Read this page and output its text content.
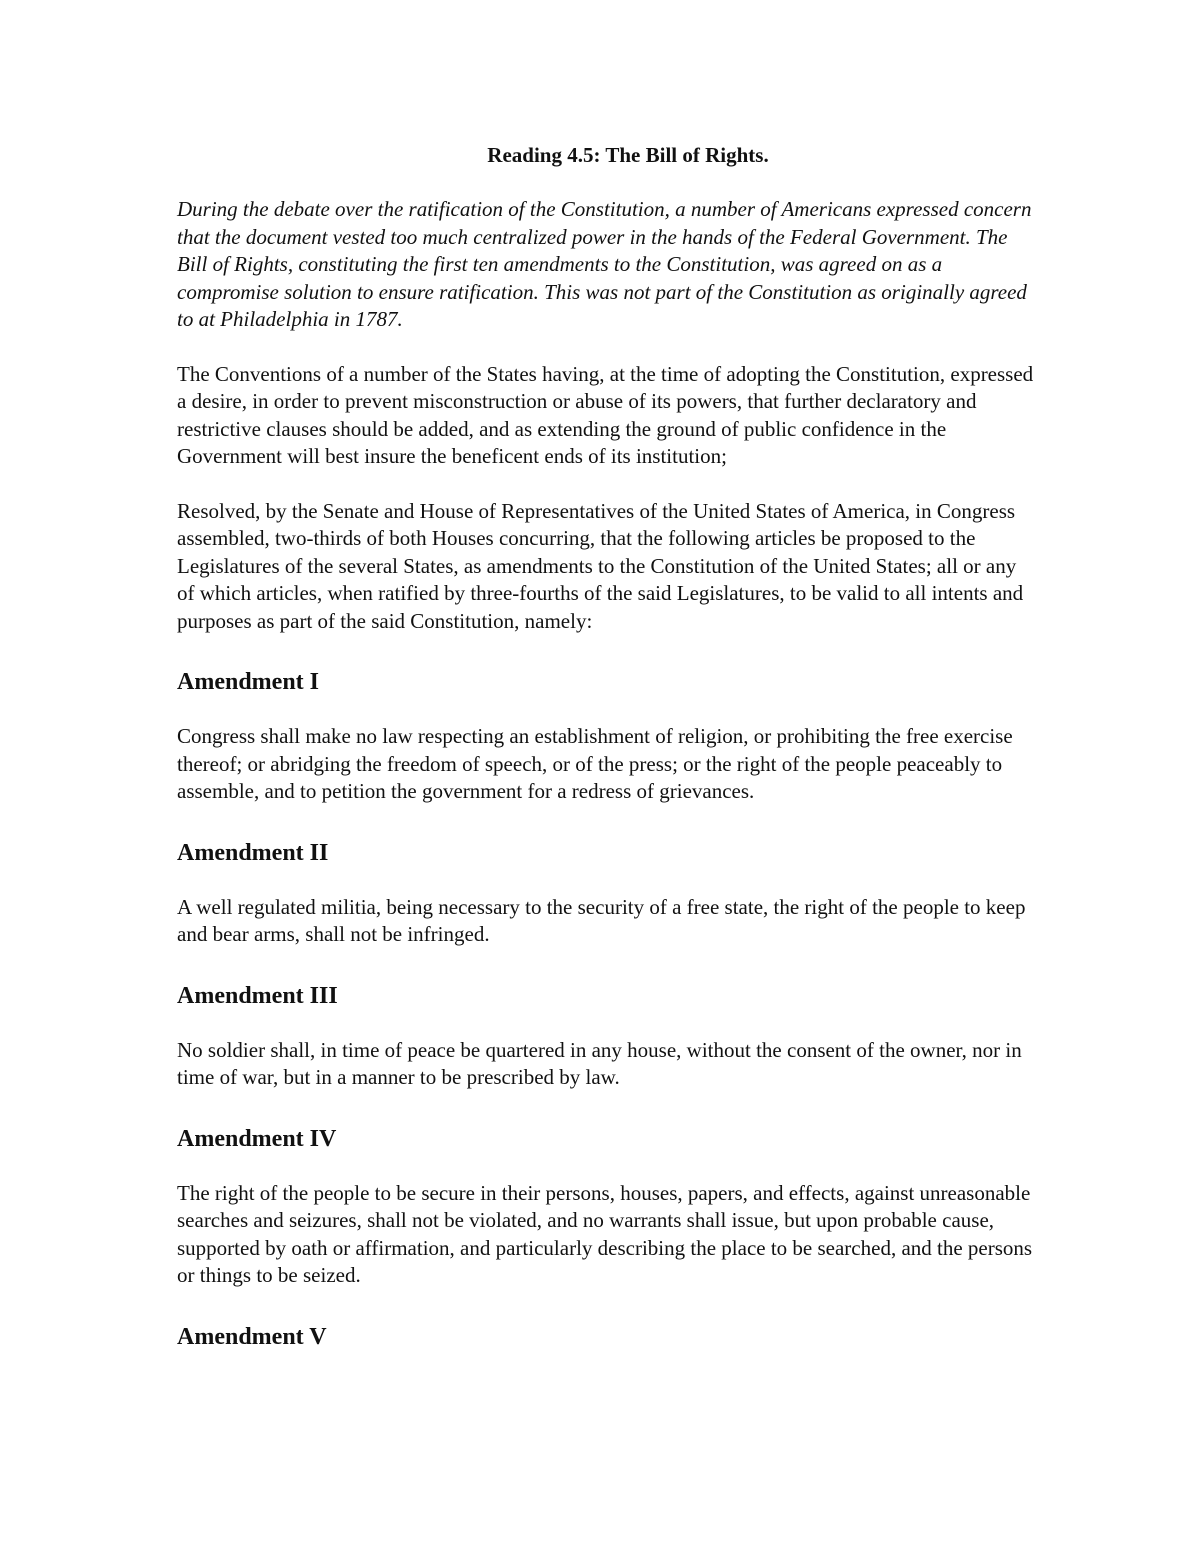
Reading 4.5: The Bill of Rights.

During the debate over the ratification of the Constitution, a number of Americans expressed concern that the document vested too much centralized power in the hands of the Federal Government. The Bill of Rights, constituting the first ten amendments to the Constitution, was agreed on as a compromise solution to ensure ratification. This was not part of the Constitution as originally agreed to at Philadelphia in 1787.

The Conventions of a number of the States having, at the time of adopting the Constitution, expressed a desire, in order to prevent misconstruction or abuse of its powers, that further declaratory and restrictive clauses should be added, and as extending the ground of public confidence in the Government will best insure the beneficent ends of its institution;

Resolved, by the Senate and House of Representatives of the United States of America, in Congress assembled, two-thirds of both Houses concurring, that the following articles be proposed to the Legislatures of the several States, as amendments to the Constitution of the United States; all or any of which articles, when ratified by three-fourths of the said Legislatures, to be valid to all intents and purposes as part of the said Constitution, namely:

Amendment I

Congress shall make no law respecting an establishment of religion, or prohibiting the free exercise thereof; or abridging the freedom of speech, or of the press; or the right of the people peaceably to assemble, and to petition the government for a redress of grievances.

Amendment II

A well regulated militia, being necessary to the security of a free state, the right of the people to keep and bear arms, shall not be infringed.

Amendment III

No soldier shall, in time of peace be quartered in any house, without the consent of the owner, nor in time of war, but in a manner to be prescribed by law.

Amendment IV

The right of the people to be secure in their persons, houses, papers, and effects, against unreasonable searches and seizures, shall not be violated, and no warrants shall issue, but upon probable cause, supported by oath or affirmation, and particularly describing the place to be searched, and the persons or things to be seized.

Amendment V
